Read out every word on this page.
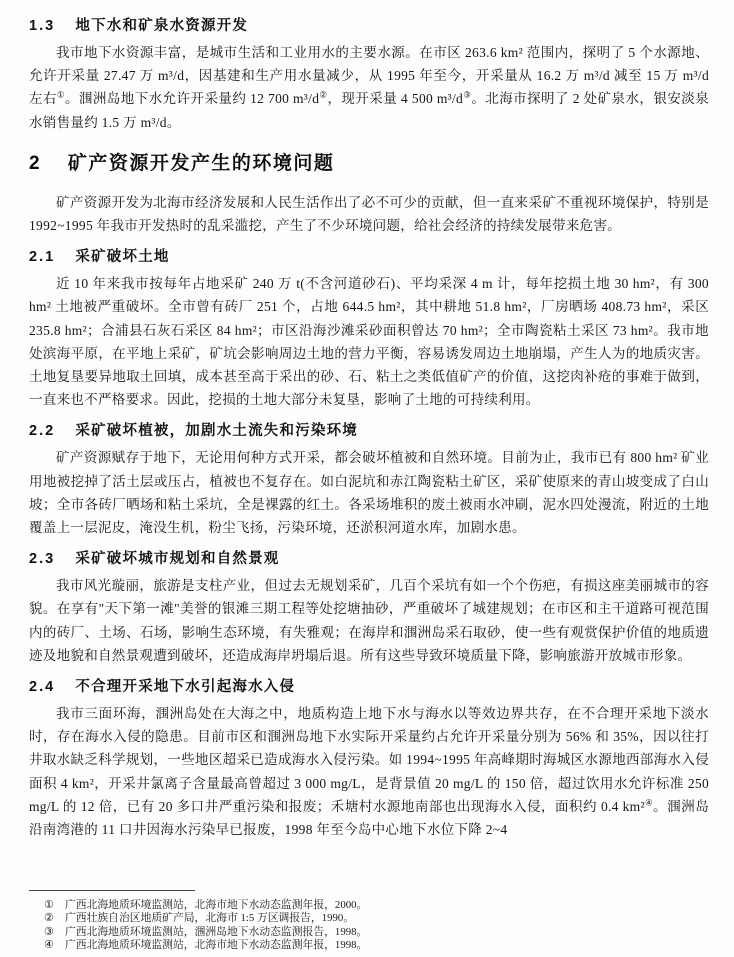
1.3 地下水和矿泉水资源开发

我市地下水资源丰富，是城市生活和工业用水的主要水源。在市区 263.6 km² 范围内，探明了 5 个水源地、允许开采量 27.47 万 m³/d，因基建和生产用水量减少，从 1995 年至今，开采量从 16.2 万 m³/d 减至 15 万 m³/d 左右①。涠洲岛地下水允许开采量约 12 700 m³/d②，现开采量 4 500 m³/d③。北海市探明了 2 处矿泉水，银安淡泉水销售量约 1.5 万 m³/d。

2 矿产资源开发产生的环境问题

矿产资源开发为北海市经济发展和人民生活作出了必不可少的贡献，但一直来采矿不重视环境保护，特别是 1992~1995 年我市开发热时的乱采滥挖，产生了不少环境问题，给社会经济的持续发展带来危害。

2.1 采矿破坏土地

近 10 年来我市按每年占地采矿 240 万 t(不含河道砂石)、平均采深 4 m 计，每年挖损土地 30 hm²，有 300 hm² 土地被严重破坏。全市曾有砖厂 251 个，占地 644.5 hm²，其中耕地 51.8 hm²，厂房晒场 408.73 hm²，采区 235.8 hm²；合浦县石灰石采区 84 hm²；市区沿海沙滩采砂面积曾达 70 hm²；全市陶瓷粘土采区 73 hm²。我市地处滨海平原，在平地上采矿，矿坑会影响周边土地的营力平衡，容易诱发周边土地崩塌，产生人为的地质灾害。土地复垦要异地取土回填，成本甚至高于采出的砂、石、粘土之类低值矿产的价值，这挖肉补疮的事难于做到，一直来也不严格要求。因此，挖损的土地大部分未复垦，影响了土地的可持续利用。

2.2 采矿破坏植被，加剧水土流失和污染环境

矿产资源赋存于地下，无论用何种方式开采，都会破坏植被和自然环境。目前为止，我市已有 800 hm² 矿业用地被挖掉了活土层或压占，植被也不复存在。如白泥坑和赤江陶瓷粘土矿区，采矿使原来的青山坡变成了白山坡；全市各砖厂晒场和粘土采坑，全是裸露的红土。各采场堆积的废土被雨水冲刷，泥水四处漫流，附近的土地覆盖上一层泥皮，淹没生机，粉尘飞扬，污染环境，还淤积河道水库，加剧水患。

2.3 采矿破坏城市规划和自然景观

我市风光璇丽，旅游是支柱产业，但过去无规划采矿，几百个采坑有如一个个伤疤，有损这座美丽城市的容貌。在享有"天下第一滩"美誉的银滩三期工程等处挖塘抽砂，严重破坏了城建规划；在市区和主干道路可视范围内的砖厂、土场、石场，影响生态环境，有失雅观；在海岸和涠洲岛采石取砂，使一些有观赏保护价值的地质遗迹及地貌和自然景观遭到破坏，还造成海岸坍塌后退。所有这些导致环境质量下降，影响旅游开放城市形象。

2.4 不合理开采地下水引起海水入侵

我市三面环海，涠洲岛处在大海之中，地质构造上地下水与海水以等效边界共存，在不合理开采地下淡水时，存在海水入侵的隐患。目前市区和涠洲岛地下水实际开采量约占允许开采量分别为 56% 和 35%，因以往打井取水缺乏科学规划，一些地区超采已造成海水入侵污染。如 1994~1995 年高峰期时海城区水源地西部海水入侵面积 4 km²，开采井氯离子含量最高曾超过 3 000 mg/L，是背景值 20 mg/L 的 150 倍，超过饮用水允许标准 250 mg/L 的 12 倍，已有 20 多口井严重污染和报废；禾塘村水源地南部也出现海水入侵，面积约 0.4 km²④。涠洲岛沿南湾港的 11 口井因海水污染早已报废，1998 年至今岛中心地下水位下降 2~4

①	广西北海地质环境监测站，北海市地下水动态监测年报，2000。
②	广西壮族自治区地质矿产局，北海市 1:5 万区调报告，1990。
③	广西北海地质环境监测站，涠洲岛地下水动态监测报告，1998。
④	广西北海地质环境监测站，北海市地下水动态监测年报，1998。
